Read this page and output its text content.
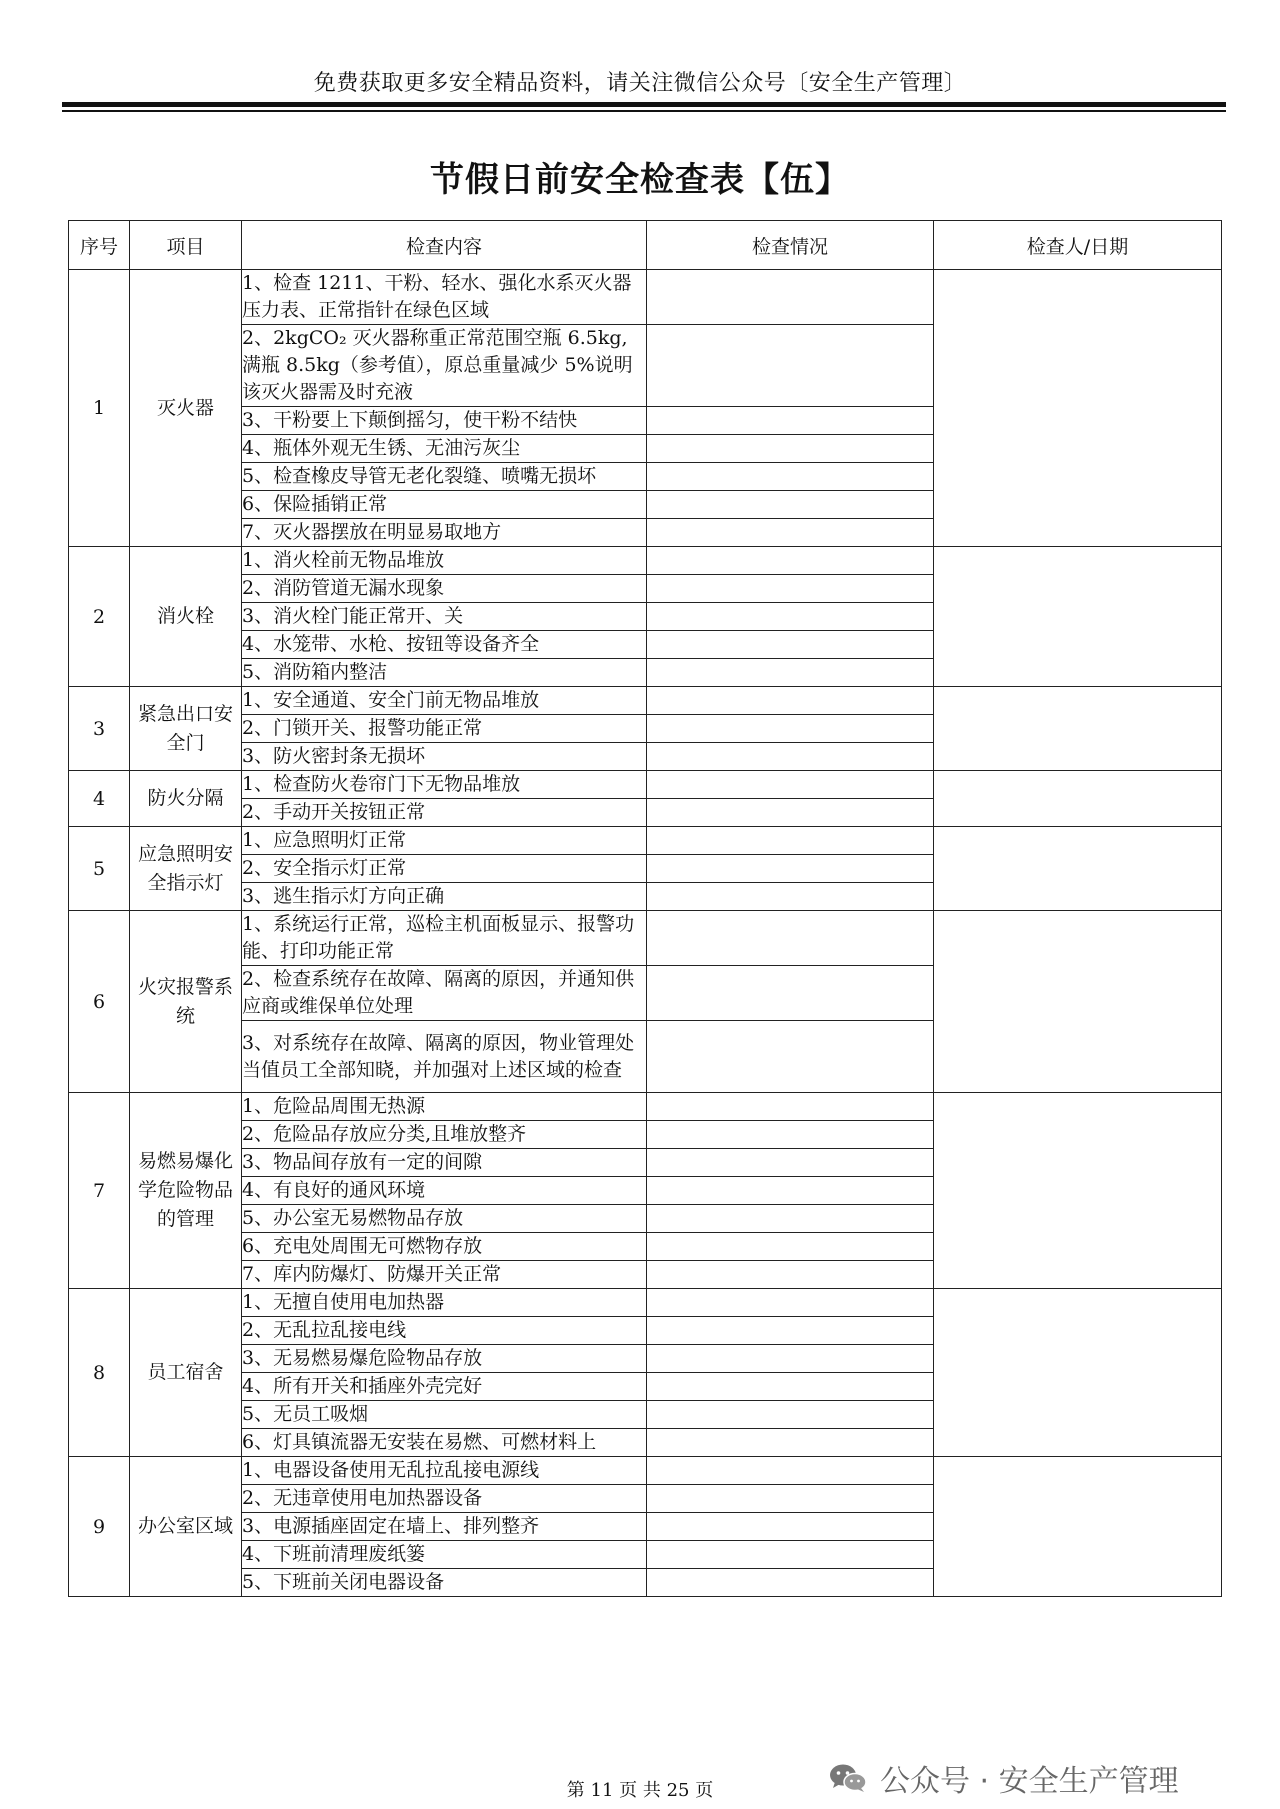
免费获取更多安全精品资料，请关注微信公众号〔安全生产管理〕
节假日前安全检查表【伍】
序号	项目	检查内容	检查情况	检查人/日期
1	灭火器	1、检查 1211、干粉、轻水、强化水系灭火器压力表、正常指针在绿色区域		
		2、2kgCO₂ 灭火器称重正常范围空瓶 6.5kg,满瓶 8.5kg（参考值），原总重量减少 5%说明该灭火器需及时充液		
		3、干粉要上下颠倒摇匀，使干粉不结快		
		4、瓶体外观无生锈、无油污灰尘		
		5、检查橡皮导管无老化裂缝、喷嘴无损坏		
		6、保险插销正常		
		7、灭火器摆放在明显易取地方		
2	消火栓	1、消火栓前无物品堆放		
		2、消防管道无漏水现象		
		3、消火栓门能正常开、关		
		4、水笼带、水枪、按钮等设备齐全		
		5、消防箱内整洁		
3	紧急出口安全门	1、安全通道、安全门前无物品堆放		
		2、门锁开关、报警功能正常		
		3、防火密封条无损坏		
4	防火分隔	1、检查防火卷帘门下无物品堆放		
		2、手动开关按钮正常		
5	应急照明安全指示灯	1、应急照明灯正常		
		2、安全指示灯正常		
		3、逃生指示灯方向正确		
6	火灾报警系统	1、系统运行正常，巡检主机面板显示、报警功能、打印功能正常		
		2、检查系统存在故障、隔离的原因，并通知供应商或维保单位处理		
		3、对系统存在故障、隔离的原因，物业管理处当值员工全部知晓，并加强对上述区域的检查		
7	易燃易爆化学危险物品的管理	1、危险品周围无热源		
		2、危险品存放应分类,且堆放整齐		
		3、物品间存放有一定的间隙		
		4、有良好的通风环境		
		5、办公室无易燃物品存放		
		6、充电处周围无可燃物存放		
		7、库内防爆灯、防爆开关正常		
8	员工宿舍	1、无擅自使用电加热器		
		2、无乱拉乱接电线		
		3、无易燃易爆危险物品存放		
		4、所有开关和插座外壳完好		
		5、无员工吸烟		
		6、灯具镇流器无安装在易燃、可燃材料上		
9	办公室区域	1、电器设备使用无乱拉乱接电源线		
		2、无违章使用电加热器设备		
		3、电源插座固定在墙上、排列整齐		
		4、下班前清理废纸篓		
		5、下班前关闭电器设备		
第 11 页 共 25 页	公众号 · 安全生产管理
